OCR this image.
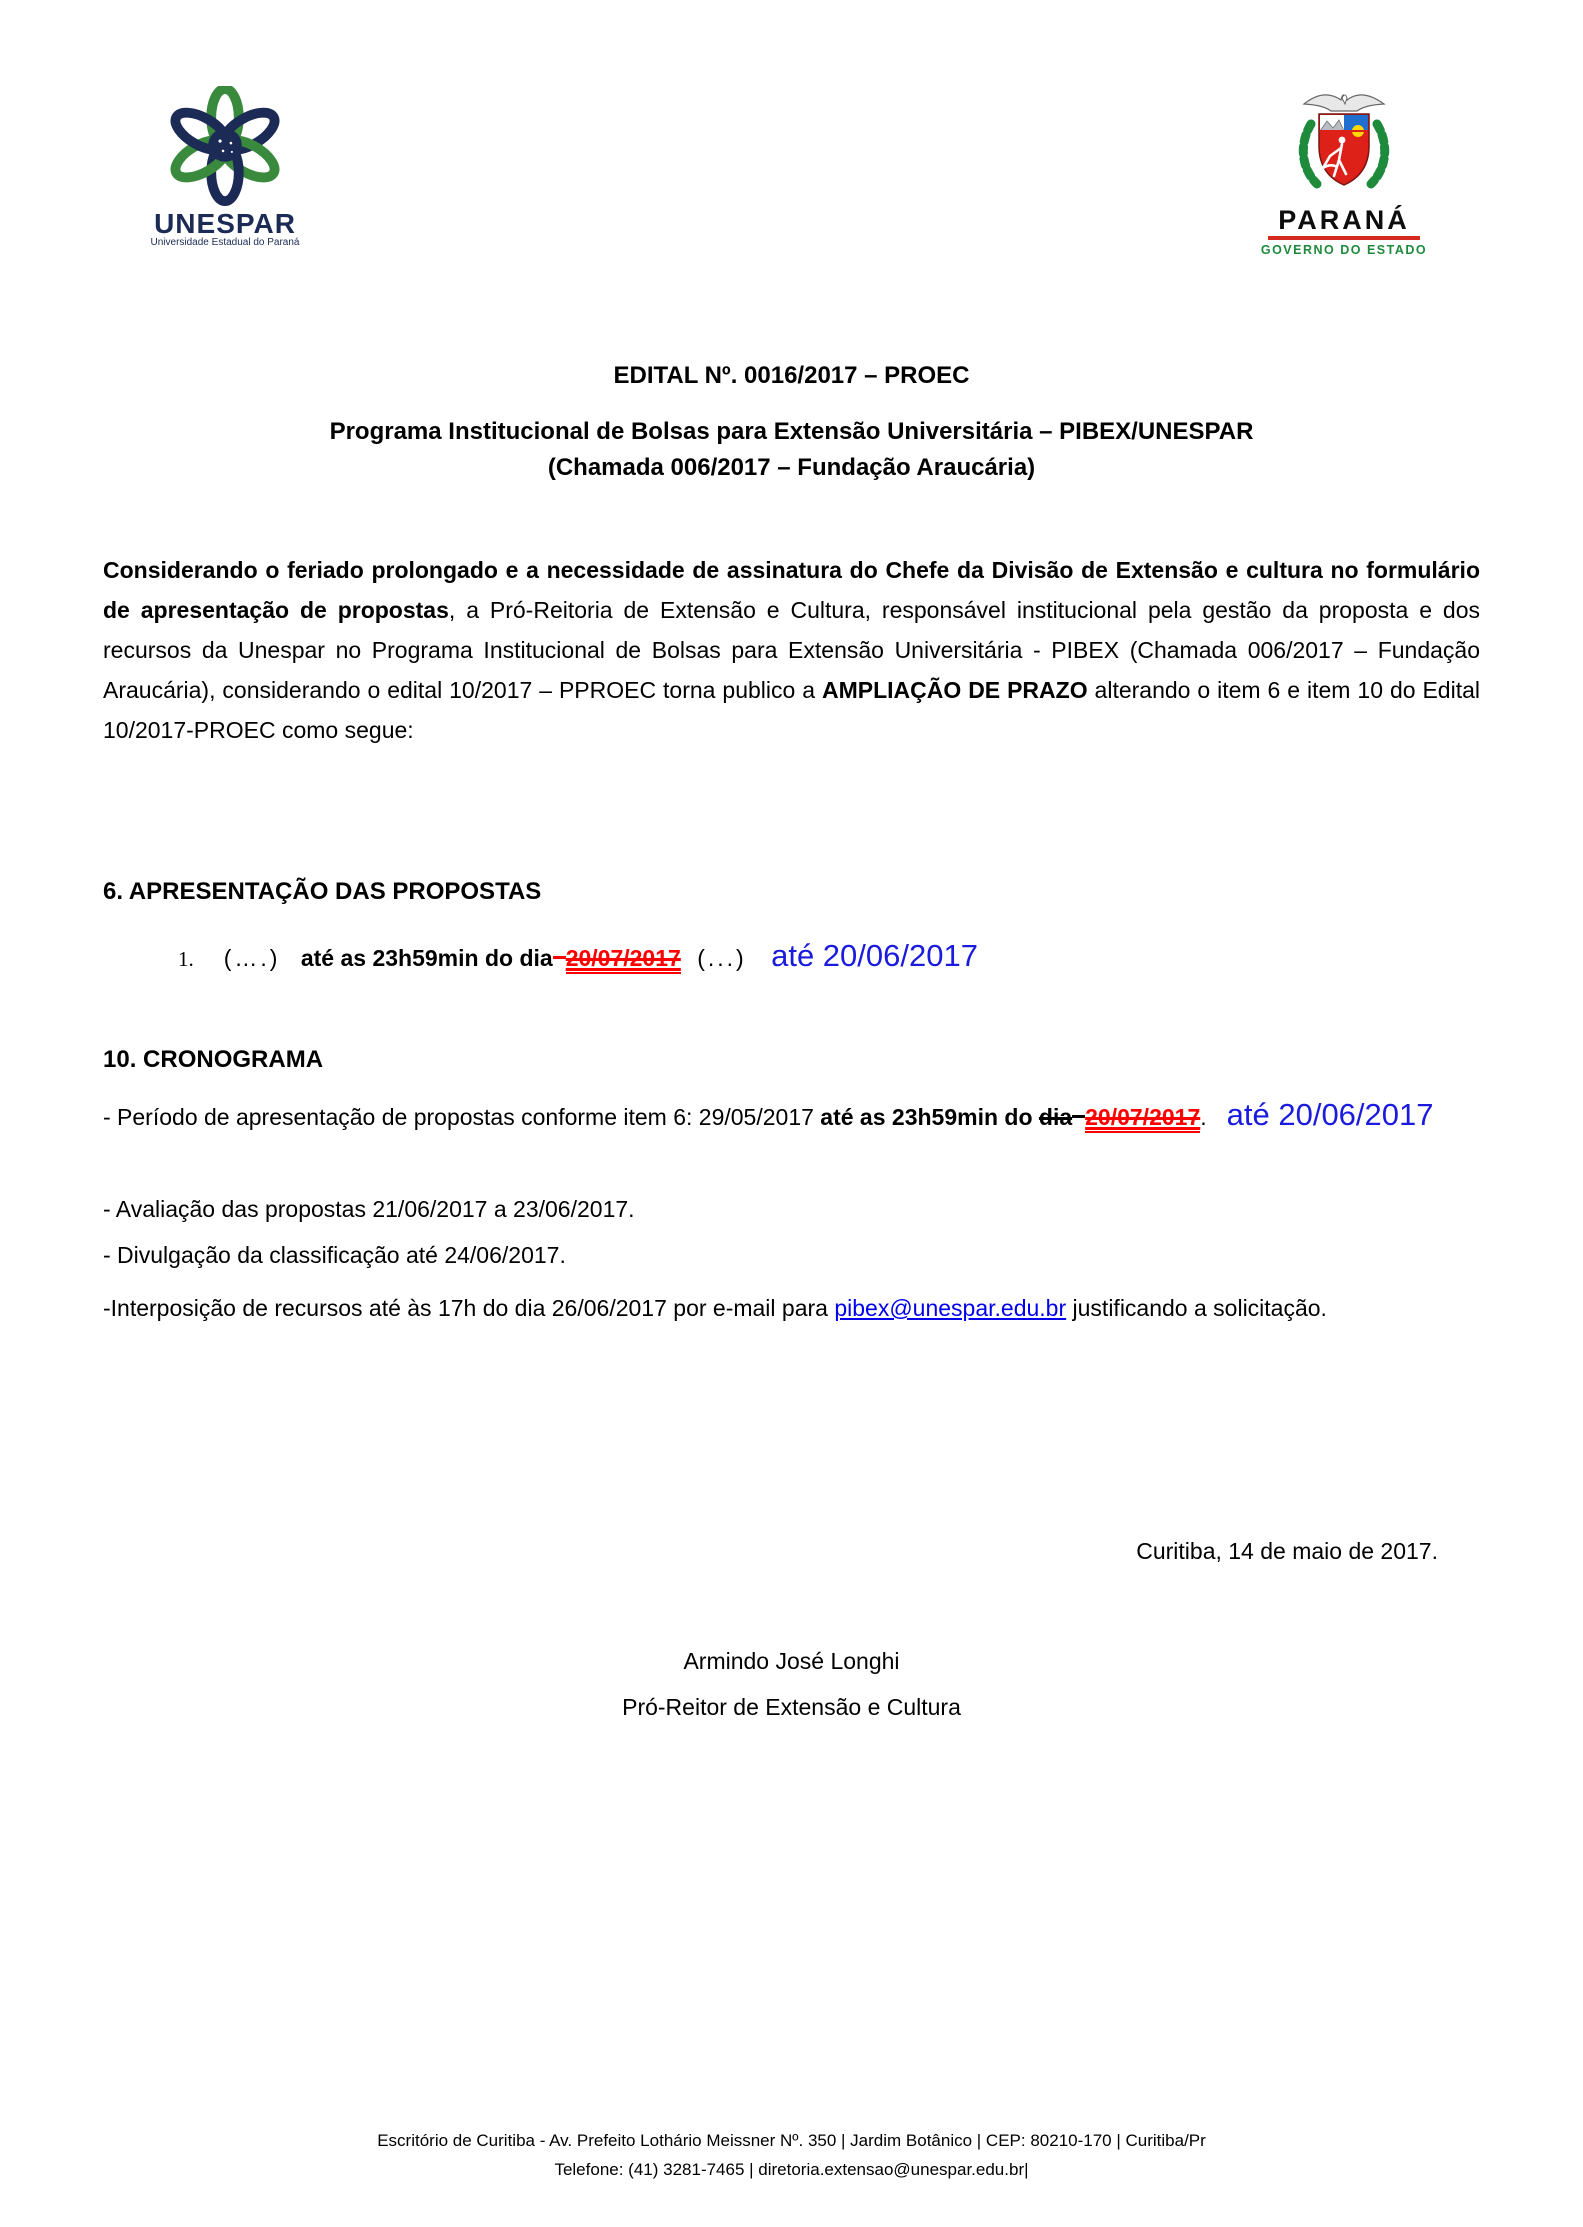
UNESPAR
Universidade Estadual do Paraná
PARANÁ
GOVERNO DO ESTADO
EDITAL Nº. 0016/2017 – PROEC
Programa Institucional de Bolsas para Extensão Universitária – PIBEX/UNESPAR
(Chamada 006/2017 – Fundação Araucária)
Considerando o feriado prolongado e a necessidade de assinatura do Chefe da Divisão de Extensão e cultura no formulário de apresentação de propostas, a Pró-Reitoria de Extensão e Cultura, responsável institucional pela gestão da proposta e dos recursos da Unespar no Programa Institucional de Bolsas para Extensão Universitária - PIBEX (Chamada 006/2017 – Fundação Araucária), considerando o edital 10/2017 – PPROEC torna publico a AMPLIAÇÃO DE PRAZO alterando o item 6 e item 10 do Edital 10/2017-PROEC como segue:
6. APRESENTAÇÃO DAS PROPOSTAS
1. (….) até as 23h59min do dia 20/07/2017 (...) até 20/06/2017
10. CRONOGRAMA
- Período de apresentação de propostas conforme item 6: 29/05/2017 até as 23h59min do dia 20/07/2017. até 20/06/2017
- Avaliação das propostas 21/06/2017 a 23/06/2017.
- Divulgação da classificação até 24/06/2017.
-Interposição de recursos até às 17h do dia 26/06/2017 por e-mail para pibex@unespar.edu.br justificando a solicitação.
Curitiba, 14 de maio de 2017.
Armindo José Longhi
Pró-Reitor de Extensão e Cultura
Escritório de Curitiba - Av. Prefeito Lothário Meissner Nº. 350 | Jardim Botânico | CEP: 80210-170 | Curitiba/Pr
Telefone: (41) 3281-7465 | diretoria.extensao@unespar.edu.br|
